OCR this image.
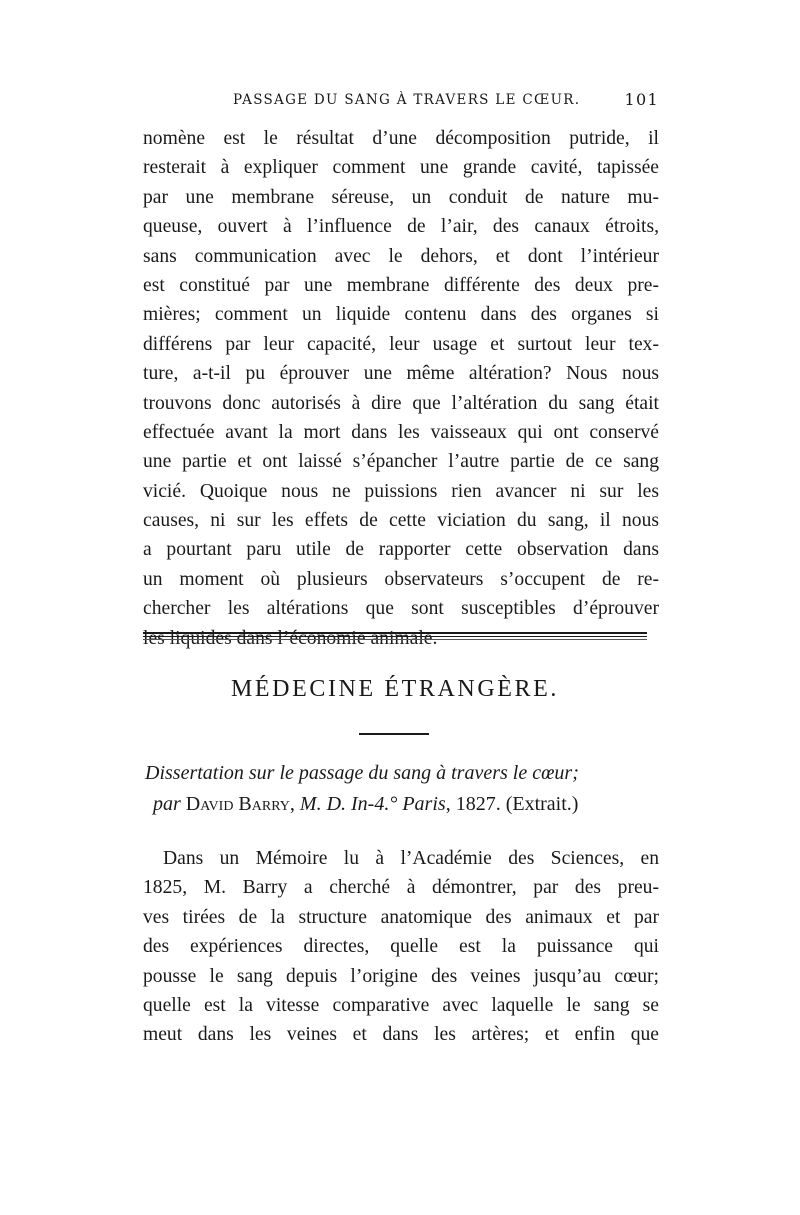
PASSAGE DU SANG À TRAVERS LE CŒUR.	101
nomène est le résultat d’une décomposition putride, il
resterait à expliquer comment une grande cavité, tapissée
par une membrane séreuse, un conduit de nature mu-
queuse, ouvert à l’influence de l’air, des canaux étroits,
sans communication avec le dehors, et dont l’intérieur
est constitué par une membrane différente des deux pre-
mières; comment un liquide contenu dans des organes si
différens par leur capacité, leur usage et surtout leur tex-
ture, a-t-il pu éprouver une même altération? Nous nous
trouvons donc autorisés à dire que l’altération du sang était
effectuée avant la mort dans les vaisseaux qui ont conservé
une partie et ont laissé s’épancher l’autre partie de ce sang
vicié. Quoique nous ne puissions rien avancer ni sur les
causes, ni sur les effets de cette viciation du sang, il nous
a pourtant paru utile de rapporter cette observation dans
un moment où plusieurs observateurs s’occupent de re-
chercher les altérations que sont susceptibles d’éprouver
MÉDECINE ÉTRANGÈRE.
Dissertation sur le passage du sang à travers le cœur;
par David Barry, M. D. In-4.° Paris, 1827. (Extrait.)
Dans un Mémoire lu à l’Académie des Sciences, en
1825, M. Barry a cherché à démontrer, par des preu-
ves tirées de la structure anatomique des animaux et par
des expériences directes, quelle est la puissance qui
pousse le sang depuis l’origine des veines jusqu’au cœur;
quelle est la vitesse comparative avec laquelle le sang se
meut dans les veines et dans les artères; et enfin que
